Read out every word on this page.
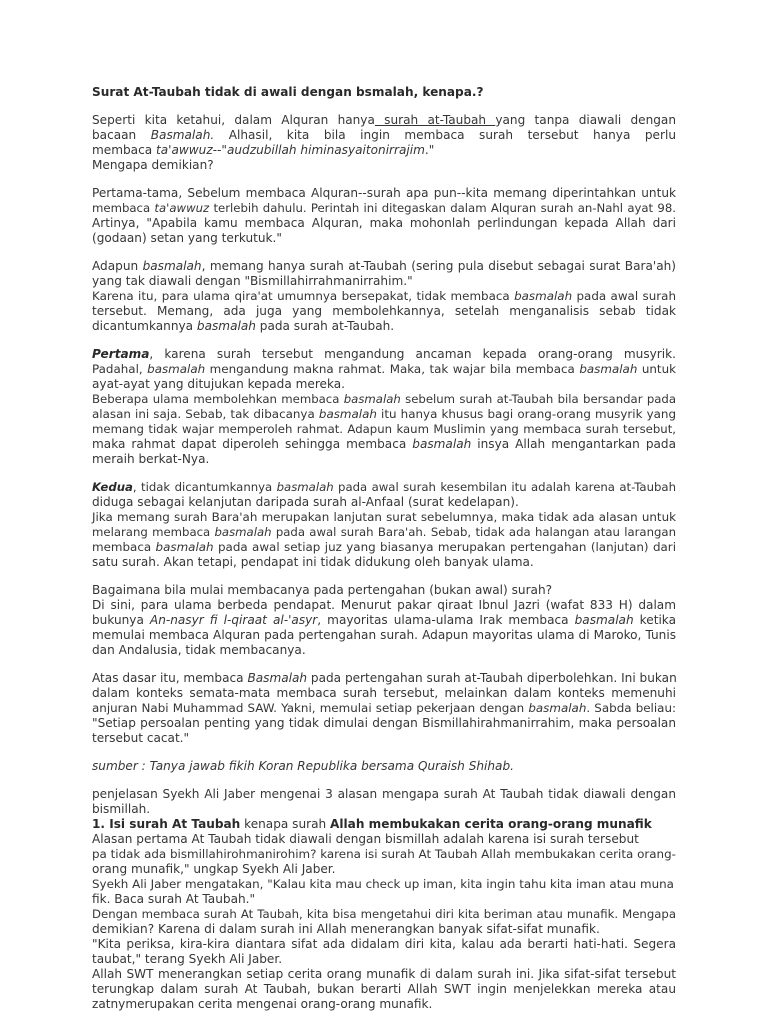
Surat At-Taubah tidak di awali dengan bsmalah, kenapa.?
Seperti kita ketahui, dalam Alquran hanya surah at-Taubah yang tanpa diawali dengan
bacaan Basmalah. Alhasil, kita bila ingin membaca surah tersebut hanya perlu
membaca ta'awwuz--"audzubillah himinasyaitonirrajim."
Mengapa demikian?
Pertama-tama, Sebelum membaca Alquran--surah apa pun--kita memang diperintahkan untuk
membaca ta'awwuz terlebih dahulu. Perintah ini ditegaskan dalam Alquran surah an-Nahl ayat 98.
Artinya, "Apabila kamu membaca Alquran, maka mohonlah perlindungan kepada Allah dari
(godaan) setan yang terkutuk."
Adapun basmalah, memang hanya surah at-Taubah (sering pula disebut sebagai surat Bara'ah)
yang tak diawali dengan "Bismillahirrahmanirrahim."
Karena itu, para ulama qira'at umumnya bersepakat, tidak membaca basmalah pada awal surah
tersebut. Memang, ada juga yang membolehkannya, setelah menganalisis sebab tidak
dicantumkannya basmalah pada surah at-Taubah.
Pertama, karena surah tersebut mengandung ancaman kepada orang-orang musyrik.
Padahal, basmalah mengandung makna rahmat. Maka, tak wajar bila membaca basmalah untuk
ayat-ayat yang ditujukan kepada mereka.
Beberapa ulama membolehkan membaca basmalah sebelum surah at-Taubah bila bersandar pada
alasan ini saja. Sebab, tak dibacanya basmalah itu hanya khusus bagi orang-orang musyrik yang
memang tidak wajar memperoleh rahmat. Adapun kaum Muslimin yang membaca surah tersebut,
maka rahmat dapat diperoleh sehingga membaca basmalah insya Allah mengantarkan pada
meraih berkat-Nya.
Kedua, tidak dicantumkannya basmalah pada awal surah kesembilan itu adalah karena at-Taubah
diduga sebagai kelanjutan daripada surah al-Anfaal (surat kedelapan).
Jika memang surah Bara'ah merupakan lanjutan surat sebelumnya, maka tidak ada alasan untuk
melarang membaca basmalah pada awal surah Bara'ah. Sebab, tidak ada halangan atau larangan
membaca basmalah pada awal setiap juz yang biasanya merupakan pertengahan (lanjutan) dari
satu surah. Akan tetapi, pendapat ini tidak didukung oleh banyak ulama.
Bagaimana bila mulai membacanya pada pertengahan (bukan awal) surah?
Di sini, para ulama berbeda pendapat. Menurut pakar qiraat Ibnul Jazri (wafat 833 H) dalam
bukunya An-nasyr fi l-qiraat al-'asyr, mayoritas ulama-ulama Irak membaca basmalah ketika
memulai membaca Alquran pada pertengahan surah. Adapun mayoritas ulama di Maroko, Tunis
dan Andalusia, tidak membacanya.
Atas dasar itu, membaca Basmalah pada pertengahan surah at-Taubah diperbolehkan. Ini bukan
dalam konteks semata-mata membaca surah tersebut, melainkan dalam konteks memenuhi
anjuran Nabi Muhammad SAW. Yakni, memulai setiap pekerjaan dengan basmalah. Sabda beliau:
"Setiap persoalan penting yang tidak dimulai dengan Bismillahirahmanirrahim, maka persoalan
tersebut cacat."
sumber : Tanya jawab fikih Koran Republika bersama Quraish Shihab.
penjelasan Syekh Ali Jaber mengenai 3 alasan mengapa surah At Taubah tidak diawali dengan
bismillah.
1. Isi surah At Taubah kenapa surah Allah membukakan cerita orang-orang munafik
Alasan pertama At Taubah tidak diawali dengan bismillah adalah karena isi surah tersebut
pa tidak ada bismillahirohmanirohim? karena isi surah At Taubah Allah membukakan cerita orang-
orang munafik," ungkap Syekh Ali Jaber.
Syekh Ali Jaber mengatakan, "Kalau kita mau check up iman, kita ingin tahu kita iman atau muna
fik. Baca surah At Taubah."
Dengan membaca surah At Taubah, kita bisa mengetahui diri kita beriman atau munafik. Mengapa
demikian? Karena di dalam surah ini Allah menerangkan banyak sifat-sifat munafik.
"Kita periksa, kira-kira diantara sifat ada didalam diri kita, kalau ada berarti hati-hati. Segera
taubat," terang Syekh Ali Jaber.
Allah SWT menerangkan setiap cerita orang munafik di dalam surah ini. Jika sifat-sifat tersebut
terungkap dalam surah At Taubah, bukan berarti Allah SWT ingin menjelekkan mereka atau
zatnymerupakan cerita mengenai orang-orang munafik.
